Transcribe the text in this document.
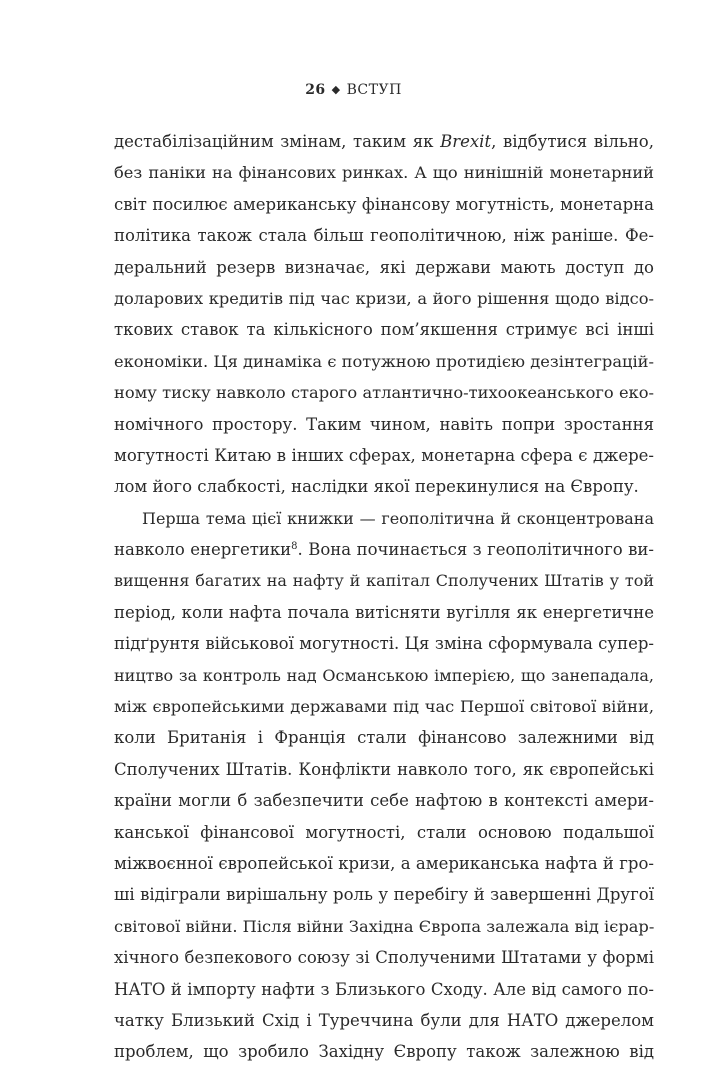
26 ◆ ВСТУП
дестабілізаційним змінам, таким як Brexit, відбутися вільно,
без паніки на фінансових ринках. А що нинішній монетарний
світ посилює американську фінансову могутність, монетарна
політика також стала більш геополітичною, ніж раніше. Фе-
деральний резерв визначає, які держави мають доступ до
доларових кредитів під час кризи, а його рішення щодо відсо-
ткових ставок та кількісного пом’якшення стримує всі інші
економіки. Ця динаміка є потужною протидією дезінтеграцій-
ному тиску навколо старого атлантично-тихоокеанського еко-
номічного простору. Таким чином, навіть попри зростання
могутності Китаю в інших сферах, монетарна сфера є джере-
лом його слабкості, наслідки якої перекинулися на Європу.
Перша тема цієї книжки — геополітична й сконцентрована
навколо енергетики$^8$. Вона починається з геополітичного ви-
вищення багатих на нафту й капітал Сполучених Штатів у той
період, коли нафта почала витісняти вугілля як енергетичне
підґрунтя військової могутності. Ця зміна сформувала супер-
ництво за контроль над Османською імперією, що занепадала,
між європейськими державами під час Першої світової війни,
коли Британія і Франція стали фінансово залежними від
Сполучених Штатів. Конфлікти навколо того, як європейські
країни могли б забезпечити себе нафтою в контексті амери-
канської фінансової могутності, стали основою подальшої
міжвоєнної європейської кризи, а американська нафта й гро-
ші відіграли вирішальну роль у перебігу й завершенні Другої
світової війни. Після війни Західна Європа залежала від ієрар-
хічного безпекового союзу зі Сполученими Штатами у формі
НАТО й імпорту нафти з Близького Сходу. Але від самого по-
чатку Близький Схід і Туреччина були для НАТО джерелом
проблем, що зробило Західну Європу також залежною від
